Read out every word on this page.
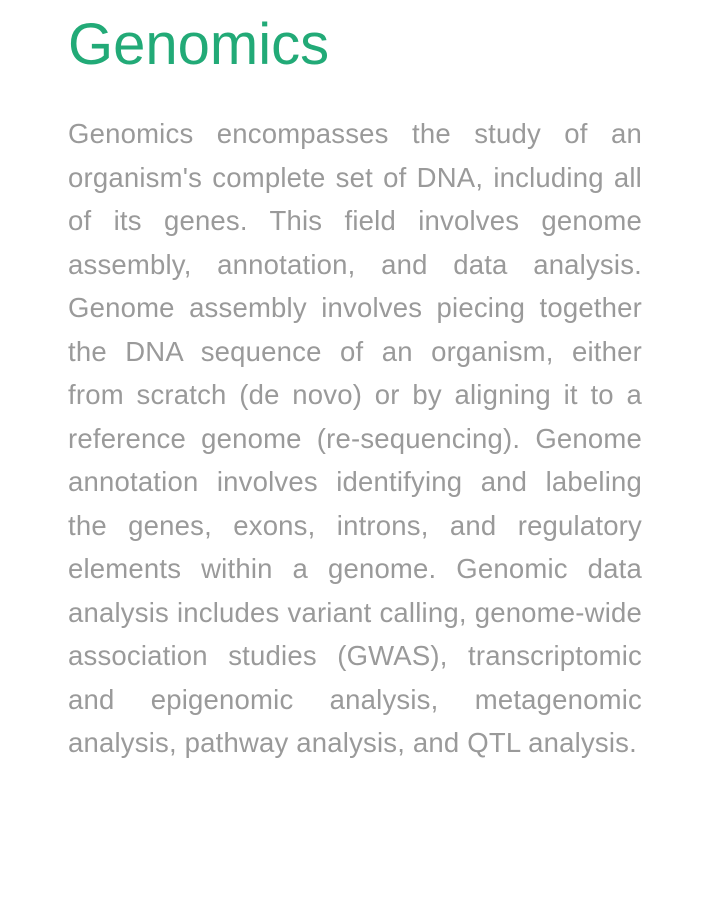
Genomics

Genomics encompasses the study of an organism's complete set of DNA, including all of its genes. This field involves genome assembly, annotation, and data analysis. Genome assembly involves piecing together the DNA sequence of an organism, either from scratch (de novo) or by aligning it to a reference genome (re-sequencing). Genome annotation involves identifying and labeling the genes, exons, introns, and regulatory elements within a genome. Genomic data analysis includes variant calling, genome-wide association studies (GWAS), transcriptomic and epigenomic analysis, metagenomic analysis, pathway analysis, and QTL analysis.
